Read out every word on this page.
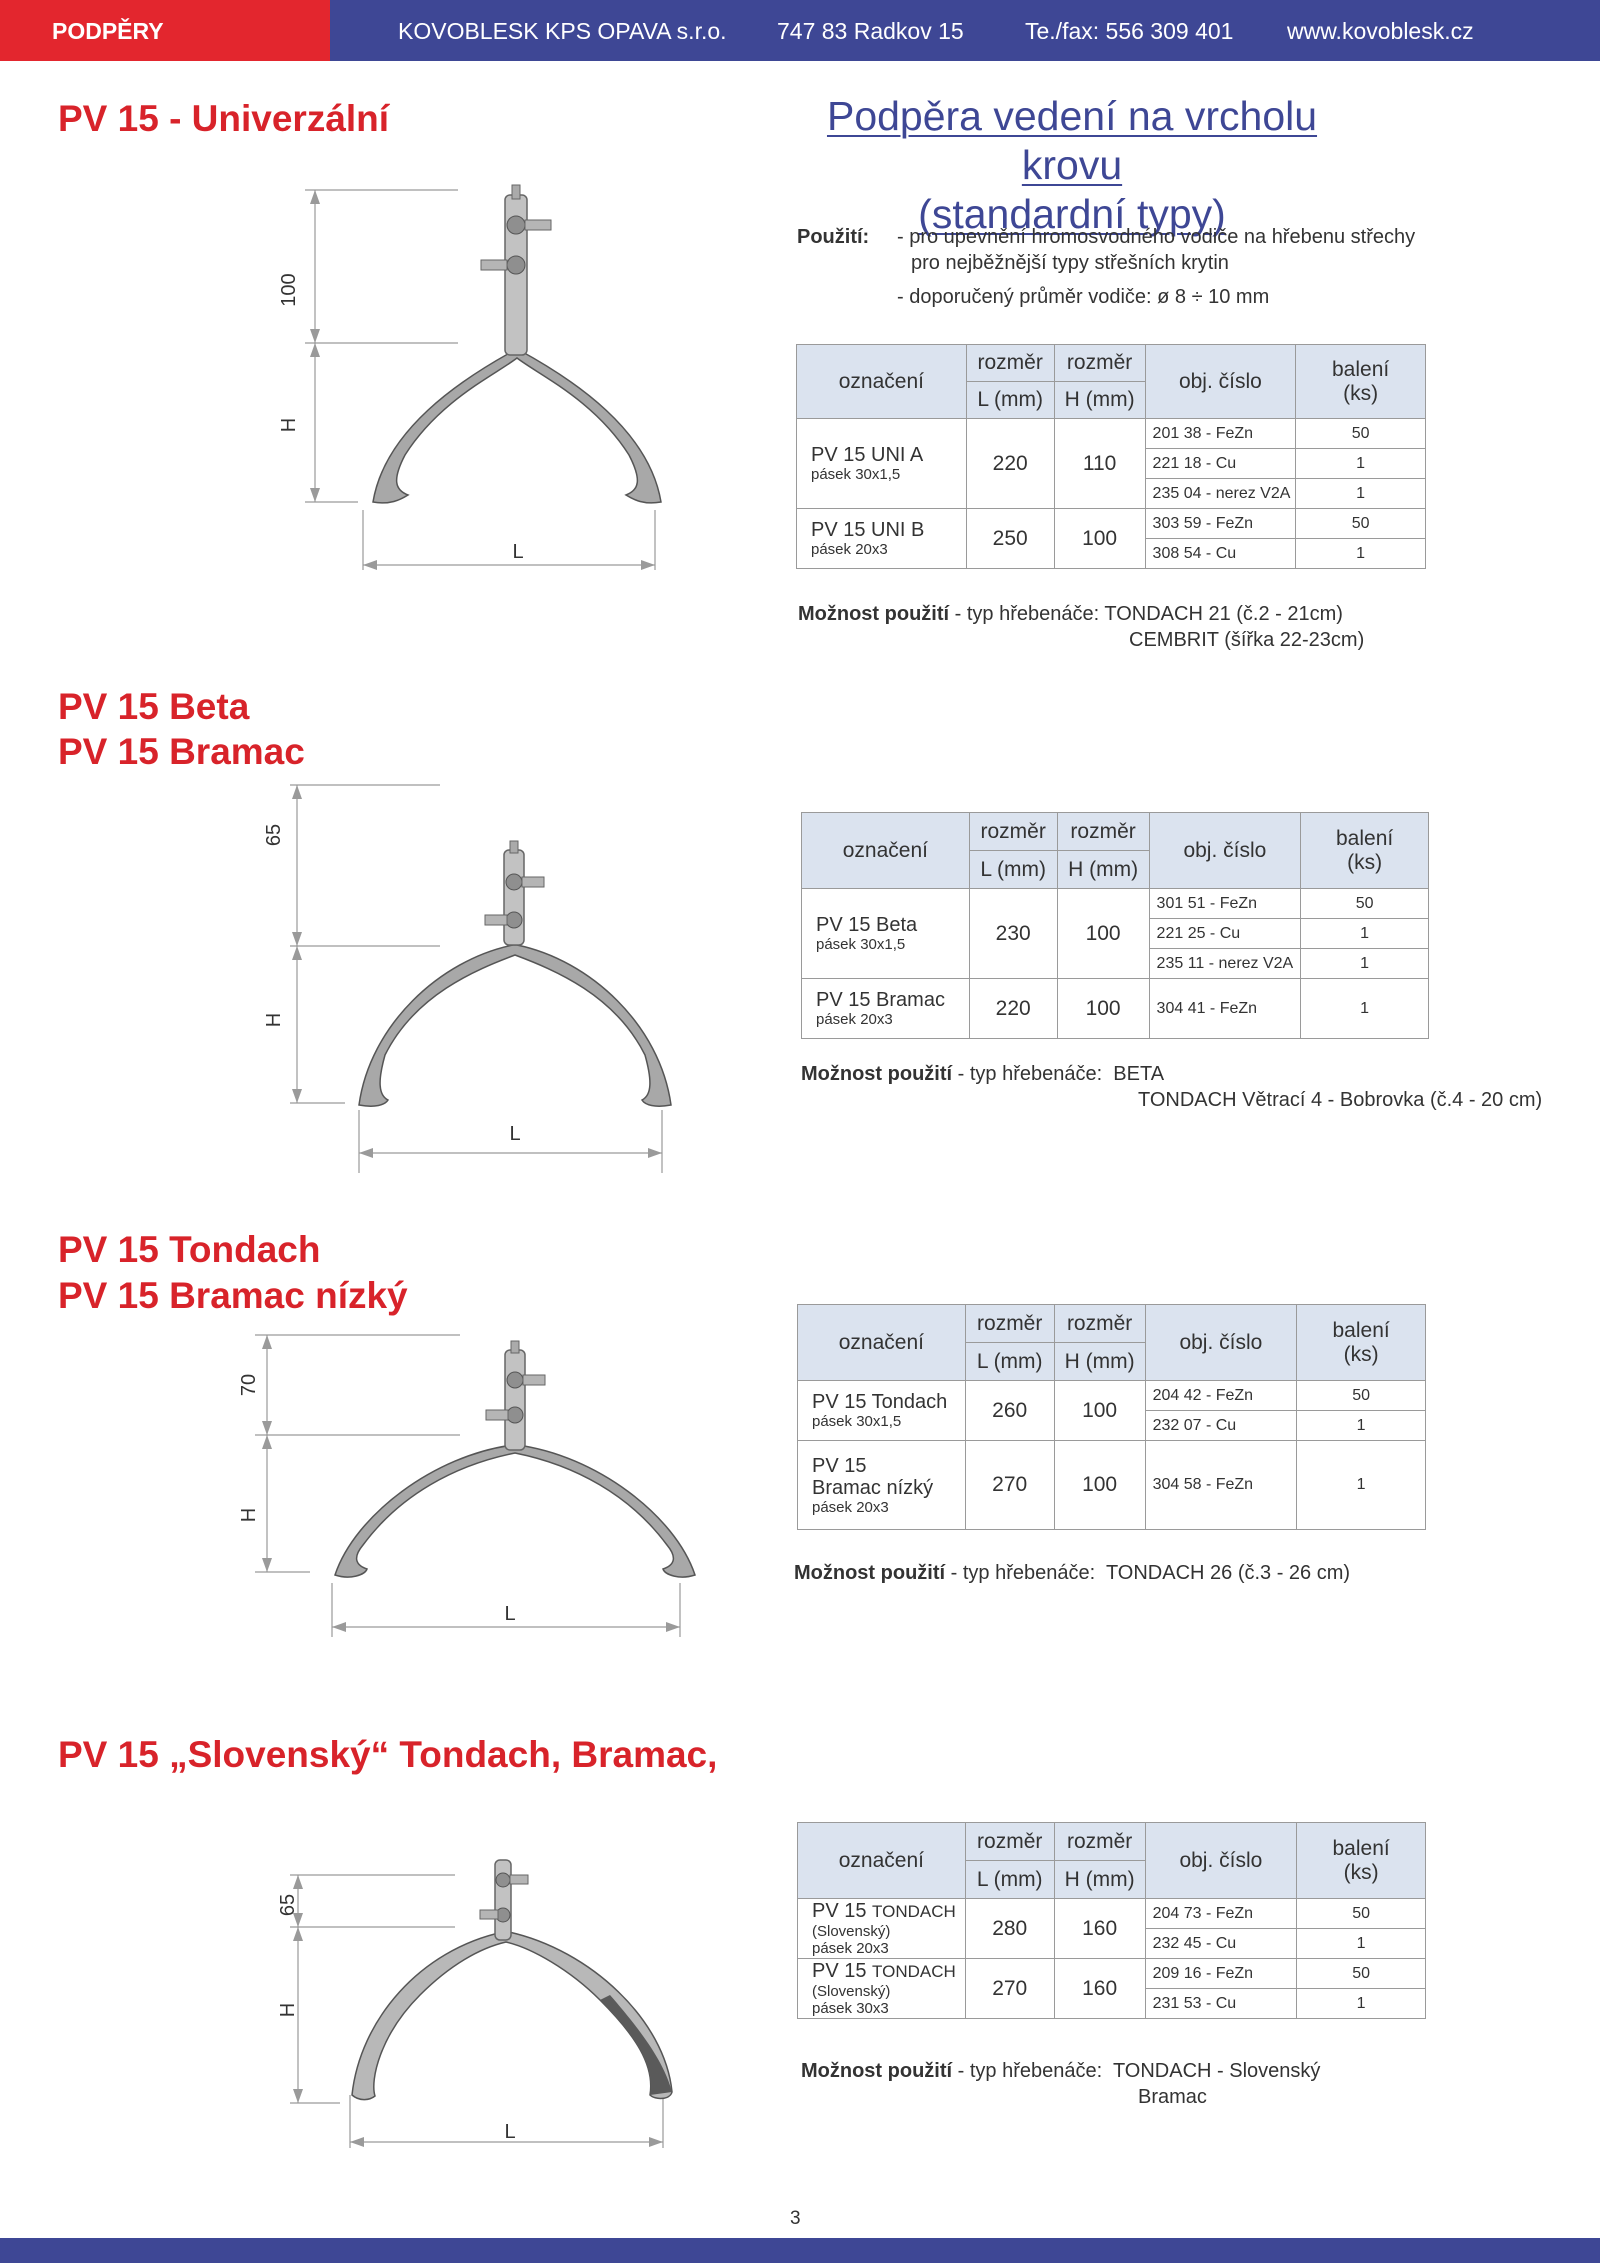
PODPĚRY	KOVOBLESK KPS OPAVA s.r.o. 747 83 Radkov 15	Te./fax: 556 309 401 www.kovoblesk.cz
PV 15 - Univerzální	Podpěra vedení na vrcholu krovu
(standardní typy)
Použití: - pro upevnění hromosvodného vodiče na hřebenu střechy
pro nejběžnější typy střešních krytin
- doporučený průměr vodiče: ø 8 ÷ 10 mm
100
H
L
označení	rozměr	rozměr	obj. číslo	balení
(ks)
	L (mm)	H (mm)		

PV 15 UNI A
pásek 30x1,5	220	110	201 38 - FeZn	50
			221 18 - Cu	1
			235 04 - nerez V2A	1

PV 15 UNI B
pásek 20x3	250	100	303 59 - FeZn	50
			308 54 - Cu	1
Možnost použití - typ hřebenáče: TONDACH 21 (č.2 - 21cm)
CEMBRIT (šířka 22-23cm)
PV 15 Beta
PV 15 Bramac
65
H
L
označení	rozměr	rozměr	obj. číslo	balení
(ks)
	L (mm)	H (mm)		

PV 15 Beta
pásek 30x1,5	230	100	301 51 - FeZn	50
			221 25 - Cu	1
			235 11 - nerez V2A	1

PV 15 Bramac
pásek 20x3	220	100	304 41 - FeZn	1
Možnost použití - typ hřebenáče: BETA
TONDACH Větrací 4 - Bobrovka (č.4 - 20 cm)
PV 15 Tondach
PV 15 Bramac nízký
70
H
L
označení	rozměr	rozměr	obj. číslo	balení
(ks)
	L (mm)	H (mm)		

PV 15 Tondach
pásek 30x1,5	260	100	204 42 - FeZn	50
			232 07 - Cu	1

PV 15
Bramac nízký
pásek 20x3	270	100	304 58 - FeZn	1
Možnost použití - typ hřebenáče: TONDACH 26 (č.3 - 26 cm)
PV 15 „Slovenský“ Tondach, Bramac,
65
H
L
označení	rozměr	rozměr	obj. číslo	balení
(ks)
	L (mm)	H (mm)		

PV 15 TONDACH
(Slovenský)
pásek 20x3	280	160	204 73 - FeZn	50
			232 45 - Cu	1

PV 15 TONDACH
(Slovenský)
pásek 30x3	270	160	209 16 - FeZn	50
			231 53 - Cu	1
Možnost použití - typ hřebenáče: TONDACH - Slovenský
Bramac
3
